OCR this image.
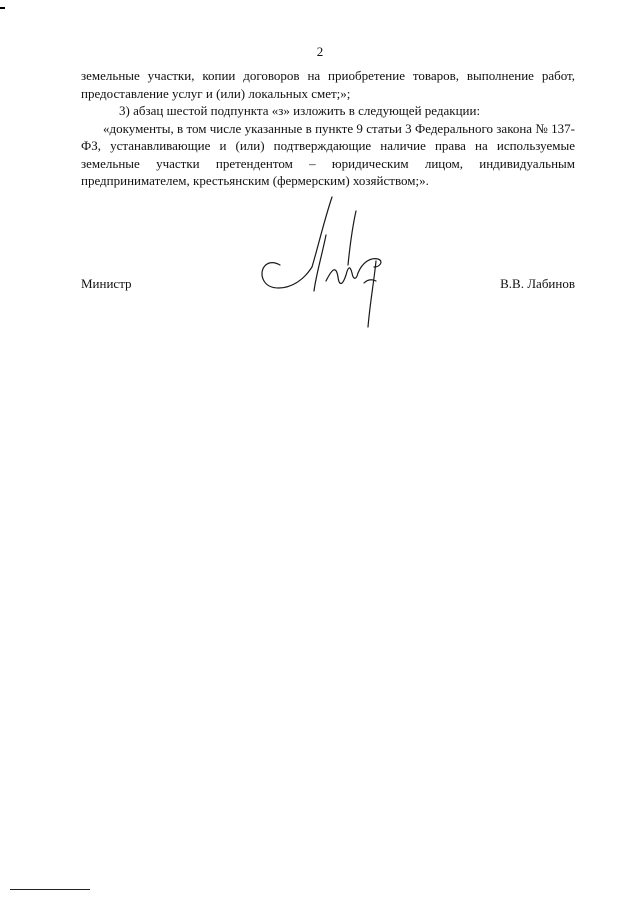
2

земельные участки, копии договоров на приобретение товаров, выполнение работ, предоставление услуг и (или) локальных смет;»;

3) абзац шестой подпункта «з» изложить в следующей редакции:

«документы, в том числе указанные в пункте 9 статьи 3 Федерального закона № 137-ФЗ, устанавливающие и (или) подтверждающие наличие права на используемые земельные участки претендентом – юридическим лицом, индивидуальным предпринимателем, крестьянским (фермерским) хозяйством;».

Министр	В.В. Лабинов
